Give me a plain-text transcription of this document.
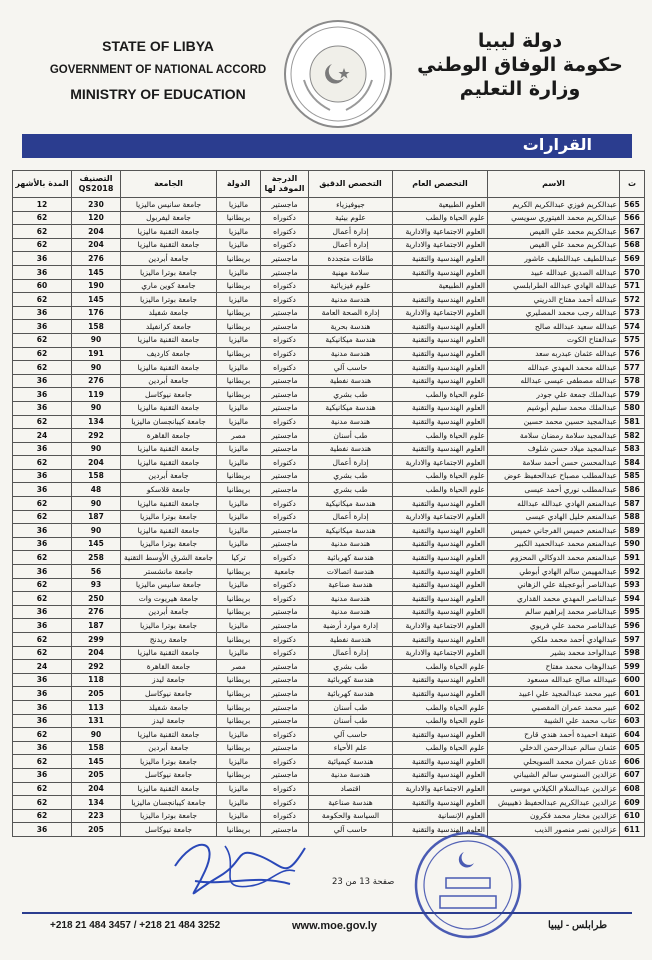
STATE OF LIBYA
GOVERNMENT OF NATIONAL ACCORD
MINISTRY OF EDUCATION
دولة ليبيا
حكومة الوفاق الوطني
وزارة التعليم
القرارات
ت	الاسم	التخصص العام	التخصص الدقيق	الدرجة الموفد لها	الدولة	الجامعة	التصنيف QS2018	المدة بالأشهر
565	عبدالكريم فوزي عبدالكريم الكريم	العلوم الطبيعية	جيوفيزياء	ماجستير	ماليزيا	جامعة سانيس ماليزيا	230	12
566	عبدالكريم محمد الفيتوري سويسي	علوم الحياة والطب	علوم بيئية	دكتوراه	بريطانيا	جامعة ليفربول	120	62
567	عبدالكريم محمد علي القيص	العلوم الاجتماعية والادارية	إدارة أعمال	دكتوراه	ماليزيا	جامعة التقنية ماليزيا	204	62
568	عبدالكريم محمد علي القيص	العلوم الاجتماعية والادارية	إدارة أعمال	دكتوراه	ماليزيا	جامعة التقنية ماليزيا	204	62
569	عبداللطيف عبداللطيف عاشور	العلوم الهندسية والتقنية	طاقات متجددة	ماجستير	بريطانيا	جامعة أبردين	276	36
570	عبدالله الصديق عبدالله عبيد	العلوم الهندسية والتقنية	سلامة مهنية	ماجستير	ماليزيا	جامعة بوترا ماليزيا	145	36
571	عبدالله الهادي عبدالله الطرابلسي	العلوم الطبيعية	علوم فيزيائية	دكتوراه	بريطانيا	جامعة كوين ماري	190	60
572	عبدالله أحمد مفتاح الدريني	العلوم الهندسية والتقنية	هندسة مدنية	دكتوراه	ماليزيا	جامعة بوترا ماليزيا	145	62
573	عبدالله رجب محمد المصليري	العلوم الاجتماعية والادارية	إدارة الصحة العامة	ماجستير	بريطانيا	جامعة شفيلد	176	36
574	عبدالله سعيد عبدالله صالح	العلوم الهندسية والتقنية	هندسة بحرية	ماجستير	بريطانيا	جامعة كرانفيلد	158	36
575	عبدالفتاح الكوت	العلوم الهندسية والتقنية	هندسة ميكانيكية	دكتوراه	ماليزيا	جامعة التقنية ماليزيا	90	62
576	عبدالله عثمان عبدربه سعد	العلوم الهندسية والتقنية	هندسة مدنية	دكتوراه	بريطانيا	جامعة كارديف	191	62
577	عبدالله محمد المهدي عبدالله	العلوم الهندسية والتقنية	حاسب آلي	دكتوراه	ماليزيا	جامعة التقنية ماليزيا	90	62
578	عبدالله مصطفى عيسى عبدالله	العلوم الهندسية والتقنية	هندسة نفطية	ماجستير	بريطانيا	جامعة أبردين	276	36
579	عبدالملك جمعة علي جودر	علوم الحياة والطب	طب بشري	ماجستير	بريطانيا	جامعة نيوكاسل	119	36
580	عبدالملك محمد سليم أبوشيم	العلوم الهندسية والتقنية	هندسة ميكانيكية	ماجستير	ماليزيا	جامعة التقنية ماليزيا	90	36
581	عبدالمجيد حسين محمد حسين	العلوم الهندسية والتقنية	هندسة مدنية	دكتوراه	ماليزيا	جامعة كيبانجسان ماليزيا	134	62
582	عبدالمجيد سلامة رمضان سلامة	علوم الحياة والطب	طب أسنان	ماجستير	مصر	جامعة القاهرة	292	24
583	عبدالمجيد ميلاد حسن شلوف	العلوم الهندسية والتقنية	هندسة نفطية	ماجستير	ماليزيا	جامعة التقنية ماليزيا	90	36
584	عبدالمحسن حسن أحمد سلامة	العلوم الاجتماعية والادارية	إدارة أعمال	دكتوراه	ماليزيا	جامعة التقنية ماليزيا	204	62
585	عبدالمطلب مصباح عبدالحفيظ عوض	علوم الحياة والطب	طب بشري	ماجستير	بريطانيا	جامعة أبردين	158	36
586	عبدالمطلب نوري أحمد عيسى	علوم الحياة والطب	طب بشري	ماجستير	بريطانيا	جامعة قلاسكو	48	36
587	عبدالمنعم الهادي عبدالله عبدالله	العلوم الهندسية والتقنية	هندسة ميكانيكية	دكتوراه	ماليزيا	جامعة التقنية ماليزيا	90	62
588	عبدالمنعم خليل الهادي عيسى	العلوم الاجتماعية والادارية	إدارة أعمال	دكتوراه	ماليزيا	جامعة بوترا ماليزيا	187	62
589	عبدالمنعم خميس الفرجاني خميس	العلوم الهندسية والتقنية	هندسة ميكانيكية	ماجستير	ماليزيا	جامعة التقنية ماليزيا	90	36
590	عبدالمنعم محمد عبدالحميد الكبير	العلوم الهندسية والتقنية	هندسة مدنية	ماجستير	ماليزيا	جامعة بوترا ماليزيا	145	36
591	عبدالمنعم محمد الدوكالي المحزوم	العلوم الهندسية والتقنية	هندسة كهربائية	دكتوراه	تركيا	جامعة الشرق الأوسط التقنية	258	62
592	عبدالمهيمن سالم الهادي أبوطي	العلوم الهندسية والتقنية	هندسة اتصالات	جامعية	بريطانيا	جامعة مانشستر	56	36
593	عبدالناصر أبوعجيلة علي الزهاني	العلوم الهندسية والتقنية	هندسة صناعية	دكتوراه	ماليزيا	جامعة سانيس ماليزيا	93	62
594	عبدالناصر المهدي محمد القداري	العلوم الهندسية والتقنية	هندسة مدنية	دكتوراه	بريطانيا	جامعة هيريوت وات	250	62
595	عبدالناصر محمد إبراهيم سالم	العلوم الهندسية والتقنية	هندسة مدنية	ماجستير	بريطانيا	جامعة أبردين	276	36
596	عبدالناصر محمد علي فريوي	العلوم الاجتماعية والادارية	إدارة موارد أرضية	ماجستير	ماليزيا	جامعة بوترا ماليزيا	187	36
597	عبدالهادي أحمد محمد ملكي	العلوم الهندسية والتقنية	هندسة نفطية	دكتوراه	بريطانيا	جامعة ريدنج	299	62
598	عبدالواحد محمد بشير	العلوم الاجتماعية والادارية	إدارة أعمال	دكتوراه	ماليزيا	جامعة التقنية ماليزيا	204	62
599	عبدالوهاب محمد مفتاح	علوم الحياة والطب	طب بشري	ماجستير	مصر	جامعة القاهرة	292	24
600	عبيدالله صالح عبدالله مسعود	العلوم الهندسية والتقنية	هندسة كهربائية	ماجستير	بريطانيا	جامعة ليدز	118	36
601	عبير محمد عبدالمجيد علي اعبيد	العلوم الهندسية والتقنية	هندسة كهربائية	ماجستير	بريطانيا	جامعة نيوكاسل	205	36
602	عبير محمد عمران المقصبي	علوم الحياة والطب	طب أسنان	ماجستير	بريطانيا	جامعة شفيلد	113	36
603	عتاب محمد علي الشيبة	علوم الحياة والطب	طب أسنان	ماجستير	بريطانيا	جامعة ليدز	131	36
604	عتيقة احميدة أحمد هندي قارح	العلوم الهندسية والتقنية	حاسب آلي	دكتوراه	ماليزيا	جامعة التقنية ماليزيا	90	62
605	عثمان سالم عبدالرحمن الدخلي	علوم الحياة والطب	علم الأحياء	ماجستير	بريطانيا	جامعة أبردين	158	36
606	عدنان عمران محمد السويحلي	العلوم الهندسية والتقنية	هندسة كيميائية	دكتوراه	ماليزيا	جامعة بوترا ماليزيا	145	62
607	عزالدين السنوسي سالم الشيباني	العلوم الهندسية والتقنية	هندسة مدنية	ماجستير	بريطانيا	جامعة نيوكاسل	205	36
608	عزالدين عبدالسلام الكيلاني موسى	العلوم الاجتماعية والادارية	اقتصاد	دكتوراه	ماليزيا	جامعة التقنية ماليزيا	204	62
609	عزالدين عبدالكريم عبدالحفيظ ذهيبيش	العلوم الهندسية والتقنية	هندسة صناعية	دكتوراه	ماليزيا	جامعة كيبانجسان ماليزيا	134	62
610	عزالدين مختار محمد فكرون	العلوم الإنسانية	السياسة والحكومة	دكتوراه	ماليزيا	جامعة بوترا ماليزيا	223	62
611	عزالدين نصر منصور الذيب	العلوم الهندسية والتقنية	حاسب آلي	ماجستير	بريطانيا	جامعة نيوكاسل	205	36
صفحة 13 من 23
+218 21 484 3457 / +218 21 484 3252	www.moe.gov.ly	طرابلس - ليبيا
